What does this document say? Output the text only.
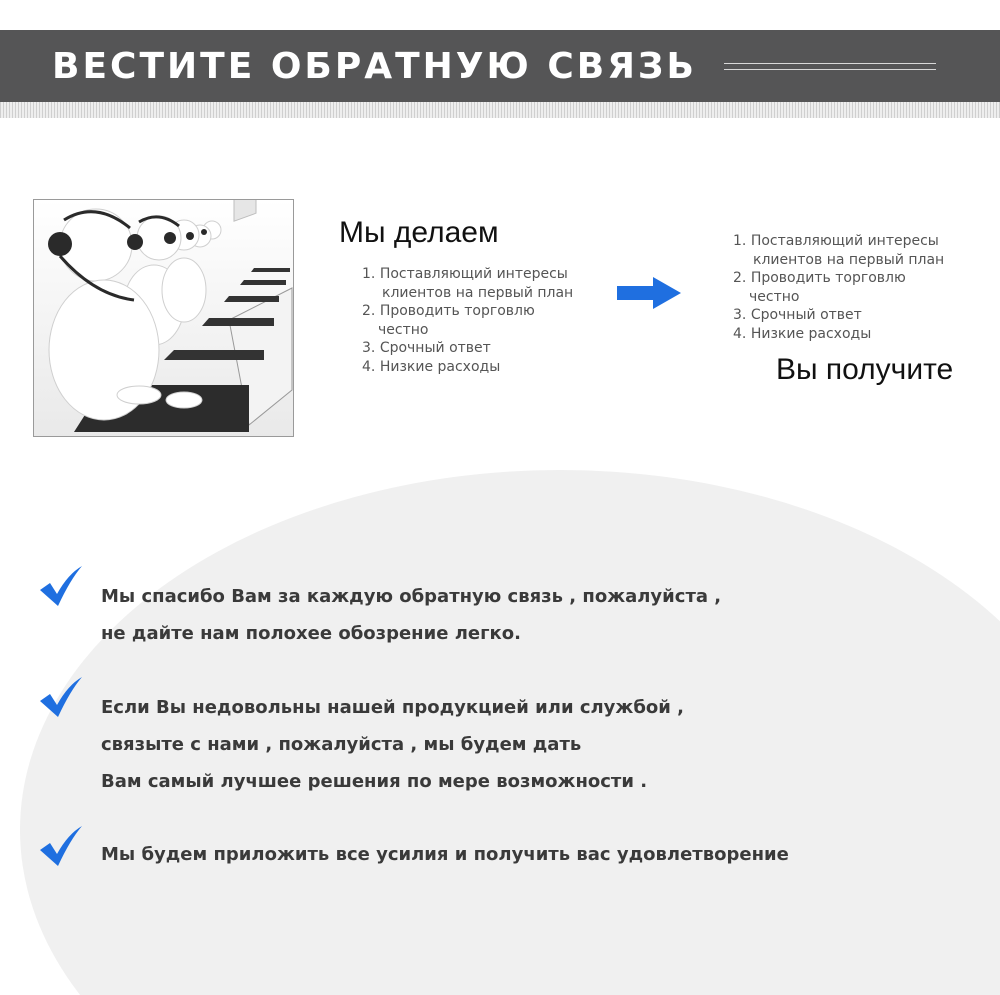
ВЕСТИТЕ ОБРАТНУЮ СВЯЗЬ
Мы делаем
1. Поставляющий интересы
клиентов на первый план
2. Проводить торговлю
честно
3. Срочный ответ
4. Низкие расходы
1. Поставляющий интересы
клиентов на первый план
2. Проводить торговлю
честно
3. Срочный ответ
4. Низкие расходы
Вы получите
Мы спасибо Вам за каждую обратную связь , пожалуйста ,
не дайте нам полохее обозрение легко.
Если Вы недовольны нашей продукцией или службой ,
связыте с нами , пожалуйста , мы будем дать
Вам самый лучшее решения по мере возможности .
Мы будем приложить все усилия и получить вас удовлетворение
